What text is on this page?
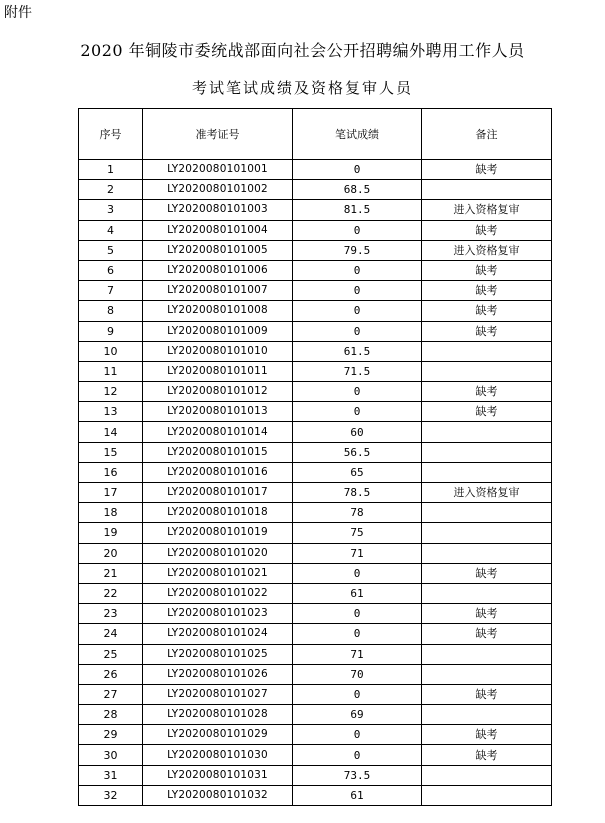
附件
2020 年铜陵市委统战部面向社会公开招聘编外聘用工作人员
考试笔试成绩及资格复审人员
序号	准考证号	笔试成绩	备注
1	LY2020080101001	0	缺考
2	LY2020080101002	68.5	
3	LY2020080101003	81.5	进入资格复审
4	LY2020080101004	0	缺考
5	LY2020080101005	79.5	进入资格复审
6	LY2020080101006	0	缺考
7	LY2020080101007	0	缺考
8	LY2020080101008	0	缺考
9	LY2020080101009	0	缺考
10	LY2020080101010	61.5	
11	LY2020080101011	71.5	
12	LY2020080101012	0	缺考
13	LY2020080101013	0	缺考
14	LY2020080101014	60	
15	LY2020080101015	56.5	
16	LY2020080101016	65	
17	LY2020080101017	78.5	进入资格复审
18	LY2020080101018	78	
19	LY2020080101019	75	
20	LY2020080101020	71	
21	LY2020080101021	0	缺考
22	LY2020080101022	61	
23	LY2020080101023	0	缺考
24	LY2020080101024	0	缺考
25	LY2020080101025	71	
26	LY2020080101026	70	
27	LY2020080101027	0	缺考
28	LY2020080101028	69	
29	LY2020080101029	0	缺考
30	LY2020080101030	0	缺考
31	LY2020080101031	73.5	
32	LY2020080101032	61	
